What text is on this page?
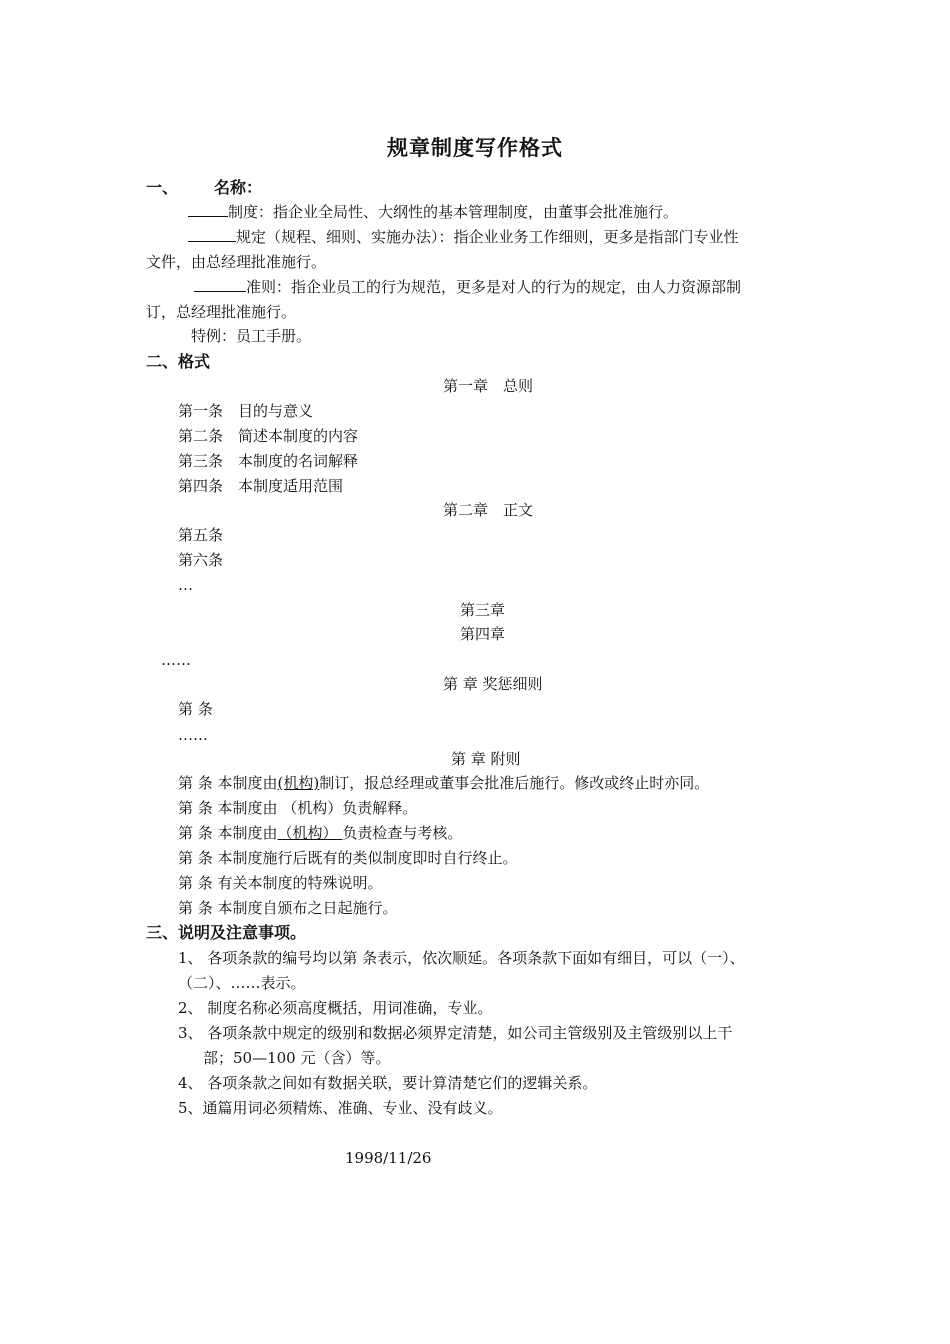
规章制度写作格式
一、 名称：
制度：指企业全局性、大纲性的基本管理制度，由董事会批准施行。
规定（规程、细则、实施办法）：指企业业务工作细则，更多是指部门专业性
文件，由总经理批准施行。
准则：指企业员工的行为规范，更多是对人的行为的规定，由人力资源部制
订，总经理批准施行。
特例：员工手册。
二、格式
第一章　总则
第一条　目的与意义
第二条　简述本制度的内容
第三条　本制度的名词解释
第四条　本制度适用范围
第二章　正文
第五条
第六条
…
第三章
第四章
……
第 章 奖惩细则
第 条
……
第 章 附则
第 条 本制度由(机构)制订，报总经理或董事会批准后施行。修改或终止时亦同。
第 条 本制度由 （机构）负责解释。
第 条 本制度由（机构） 负责检查与考核。
第 条 本制度施行后既有的类似制度即时自行终止。
第 条 有关本制度的特殊说明。
第 条 本制度自颁布之日起施行。
三、说明及注意事项。
1、 各项条款的编号均以第 条表示，依次顺延。各项条款下面如有细目，可以（一）、
（二）、……表示。
2、 制度名称必须高度概括，用词准确，专业。
3、 各项条款中规定的级别和数据必须界定清楚，如公司主管级别及主管级别以上干
部；50—100 元（含）等。
4、 各项条款之间如有数据关联，要计算清楚它们的逻辑关系。
5、通篇用词必须精炼、准确、专业、没有歧义。
1998/11/26
